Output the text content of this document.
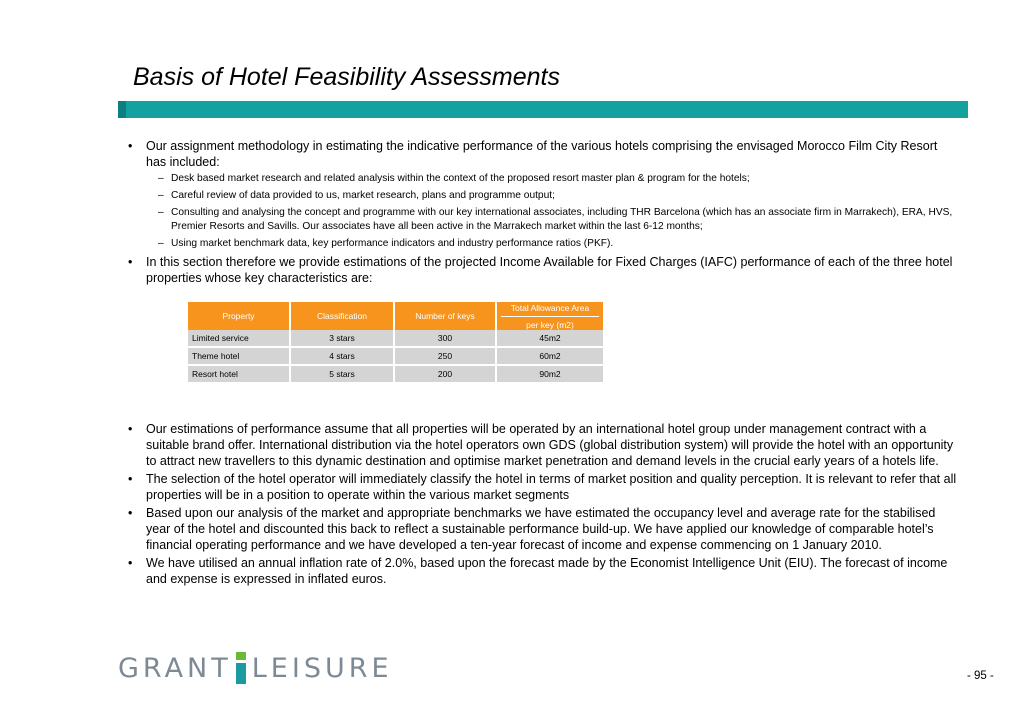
Basis of Hotel Feasibility Assessments
• Our assignment methodology in estimating the indicative performance of the various hotels comprising the envisaged Morocco Film City Resort has included:
– Desk based market research and related analysis within the context of the proposed resort master plan & program for the hotels;
– Careful review of data provided to us, market research, plans and programme output;
– Consulting and analysing the concept and programme with our key international associates, including THR Barcelona (which has an associate firm in Marrakech), ERA, HVS, Premier Resorts and Savills. Our associates have all been active in the Marrakech market within the last 6-12 months;
– Using market benchmark data, key performance indicators and industry performance ratios (PKF).
• In this section therefore we provide estimations of the projected Income Available for Fixed Charges (IAFC) performance of each of the three hotel properties whose key characteristics are:
Property	Classification	Number of keys	Total Allowance Area
per key (m2)

Limited service	3 stars	300	45m2
Theme hotel	4 stars	250	60m2
Resort hotel	5 stars	200	90m2
• Our estimations of performance assume that all properties will be operated by an international hotel group under management contract with a suitable brand offer. International distribution via the hotel operators own GDS (global distribution system) will provide the hotel with an opportunity to attract new travellers to this dynamic destination and optimise market penetration and demand levels in the crucial early years of a hotels life.
• The selection of the hotel operator will immediately classify the hotel in terms of market position and quality perception. It is relevant to refer that all properties will be in a position to operate within the various market segments
• Based upon our analysis of the market and appropriate benchmarks we have estimated the occupancy level and average rate for the stabilised year of the hotel and discounted this back to reflect a sustainable performance build-up. We have applied our knowledge of comparable hotel’s financial operating performance and we have developed a ten-year forecast of income and expense commencing on 1 January 2010.
• We have utilised an annual inflation rate of 2.0%, based upon the forecast made by the Economist Intelligence Unit (EIU). The forecast of income and expense is expressed in inflated euros.
GRANT LEISURE	- 95 -
